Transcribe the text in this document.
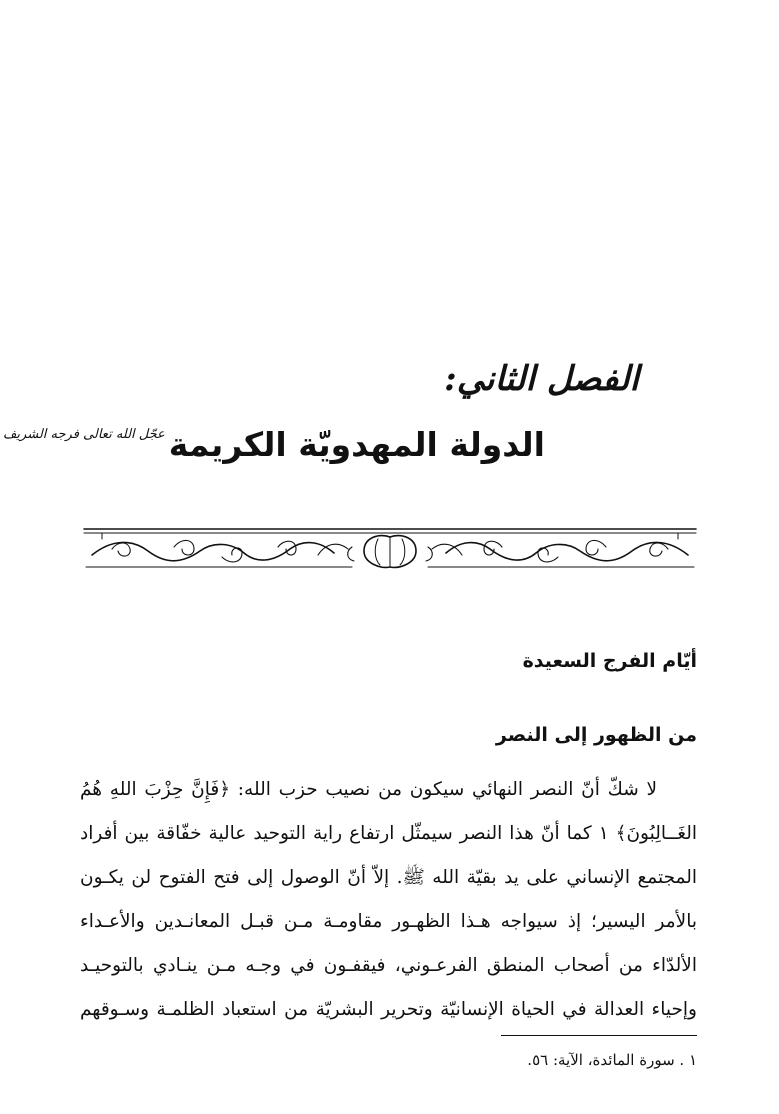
الفصل الثاني:
الدولة المهدويّة الكريمة$^{عجّل الله تعالى فرجه الشريف}$
أيّام الفرج السعيدة
من الظهور إلى النصر
لا شكّ أنّ النصر النهائي سيكون من نصيب حزب الله: ﴿فَإِنَّ حِزْبَ اللهِ هُمُ
الغَــالِبُونَ﴾ ١ كما أنّ هذا النصر سيمثّل ارتفاع راية التوحيد عالية خفّاقة بين أفراد
المجتمع الإنساني على يد بقيّة الله ﷺ. إلاّ أنّ الوصول إلى فتح الفتوح لن يكـون
بالأمر اليسير؛ إذ سيواجه هـذا الظهـور مقاومـة مـن قبـل المعانـدين والأعـداء
الألدّاء من أصحاب المنطق الفرعـوني، فيقفـون في وجـه مـن ينـادي بالتوحيـد
وإحياء العدالة في الحياة الإنسانيّة وتحرير البشريّة من استعباد الظلمـة وسـوقهم
١ . سورة المائدة، الآية: ٥٦.
